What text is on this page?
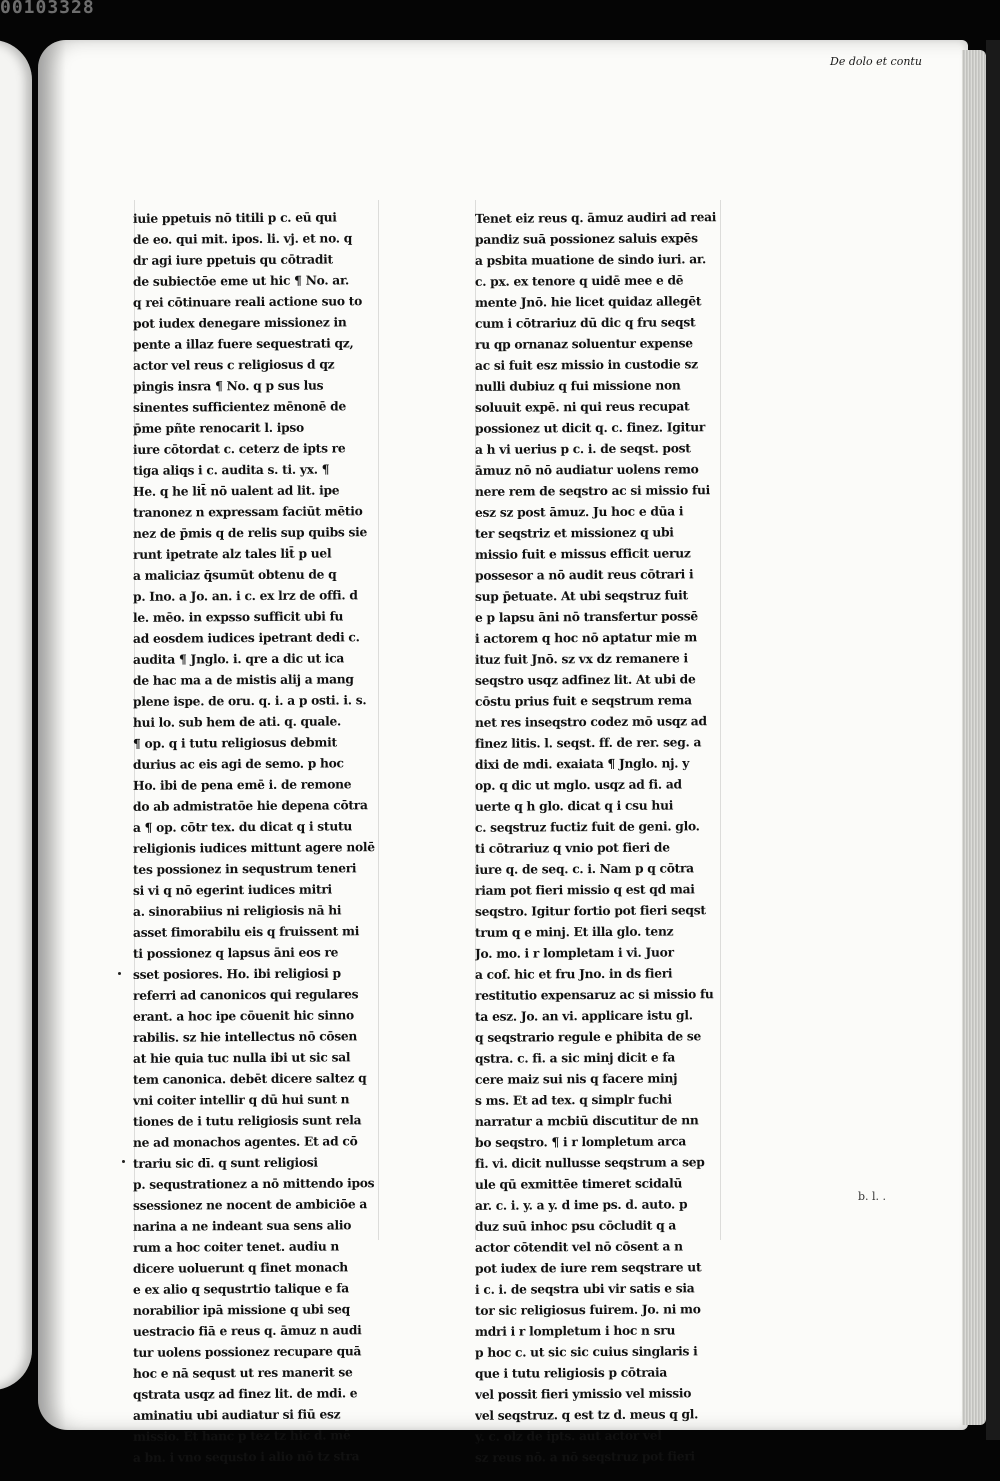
00103328
De dolo et contu
iuie ppetuis nō titili p c. eū qui
de eo. qui mit. ipos. li. vj. et no. q
dr agi iure ppetuis qu cōtradit
de subiectōe eme ut hic ¶ No. ar.
q rei cōtinuare reali actione suo to
pot iudex denegare missionez in
pente a illaz fuere sequestrati qz,
actor vel reus c religiosus d qz
pingis insra ¶ No. q p sus lus
sinentes sufficientez mēnonē de
p̄me pñte renocarit l. ipso
iure cōtordat c. ceterz de ipts re
tiga aliqs i c. audita s. ti. yx. ¶
He. q he lit̄ nō ualent ad lit. ipe
tranonez n expressam faciūt mētio
nez de p̄mis q de relis sup quibs sie
runt ipetrate alz tales lit̄ p uel
a maliciaz q̄sumūt obtenu de q
p. Ino. a Jo. an. i c. ex lrz de offi. d
le. mēo. in expsso sufficit ubi fu
ad eosdem iudices ipetrant dedi c.
audita ¶ Jnglo. i. qre a dic ut ica
de hac ma a de mistis alij a mang
plene ispe. de oru. q. i. a p osti. i. s.
hui lo. sub hem de ati. q. quale.
¶ op. q i tutu religiosus debmit
durius ac eis agi de semo. p hoc
Ho. ibi de pena emē i. de remone
do ab admistratōe hie depena cōtra
a ¶ op. cōtr tex. du dicat q i stutu
religionis iudices mittunt agere nolē
tes possionez in sequstrum teneri
si vi q nō egerint iudices mitri
a. sinorabiius ni religiosis nā hi
asset fimorabilu eis q fruissent mi
ti possionez q lapsus āni eos re
sset posiores. Ho. ibi religiosi p
referri ad canonicos qui regulares
erant. a hoc ipe cōuenit hic sinno
rabilis. sz hie intellectus nō cōsen
at hie quia tuc nulla ibi ut sic sal
tem canonica. debēt dicere saltez q
vni coiter intellir q dū hui sunt n
tiones de i tutu religiosis sunt rela
ne ad monachos agentes. Et ad cō
trariu sic dī. q sunt religiosi
p. sequstrationez a nō mittendo ipos
ssessionez ne nocent de ambiciōe a
narina a ne indeant sua sens alio
rum a hoc coiter tenet. audiu n
dicere uoluerunt q finet monach
e ex alio q sequstrtio talique e fa
norabilior ipā missione q ubi seq
uestracio fiā e reus q. āmuz n audi
tur uolens possionez recupare quā
hoc e nā sequst ut res manerit se
qstrata usqz ad finez lit. de mdi. e
aminatiu ubi audiatur si fiū esz
missio. Et hanc p tez tz hic d. mē
a bn. i vno sequsto i alio nō tz stra
Tenet eiz reus q. āmuz audiri ad reai
pandiz suā possionez saluis expēs
a psbita muatione de sindo iuri. ar.
c. px. ex tenore q uidē mee e dē
mente Jnō. hie licet quidaz allegēt
cum i cōtrariuz dū dic q fru seqst
ru qp ornanaz soluentur expense
ac si fuit esz missio in custodie sz
nulli dubiuz q fui missione non
soluuit expē. ni qui reus recupat
possionez ut dicit q. c. finez. Igitur
a h vi uerius p c. i. de seqst. post
āmuz nō nō audiatur uolens remo
nere rem de seqstro ac si missio fui
esz sz post āmuz. Ju hoc e dūa i
ter seqstriz et missionez q ubi
missio fuit e missus efficit ueruz
possesor a nō audit reus cōtrari i
sup p̄etuate. At ubi seqstruz fuit
e p lapsu āni nō transfertur possē
i actorem q hoc nō aptatur mie m
ituz fuit Jnō. sz vx dz remanere i
seqstro usqz adfinez lit. At ubi de
cōstu prius fuit e seqstrum rema
net res inseqstro codez mō usqz ad
finez litis. l. seqst. ff. de rer. seg. a
dixi de mdi. exaiata ¶ Jnglo. nj. y
op. q dic ut mglo. usqz ad fi. ad
uerte q h glo. dicat q i csu hui
c. seqstruz fuctiz fuit de geni. glo.
ti cōtrariuz q vnio pot fieri de
iure q. de seq. c. i. Nam p q cōtra
riam pot fieri missio q est qd mai
seqstro. Igitur fortio pot fieri seqst
trum q e minj. Et illa glo. tenz
Jo. mo. i r lompletam i vi. Juor
a cof. hic et fru Jno. in ds fieri
restitutio expensaruz ac si missio fu
ta esz. Jo. an vi. applicare istu gl.
q seqstrario regule e phibita de se
qstra. c. fi. a sic minj dicit e fa
cere maiz sui nis q facere minj
s ms. Et ad tex. q simplr fuchi
narratur a mcbiū discutitur de nn
bo seqstro. ¶ i r lompletum arca
fi. vi. dicit nullusse seqstrum a sep
ule qū exmittēe timeret scidalū
ar. c. i. y. a y. d ime ps. d. auto. p
duz suū inhoc psu cōcludit q a
actor cōtendit vel nō cōsent a n
pot iudex de iure rem seqstrare ut
i c. i. de seqstra ubi vir satis e sia
tor sic religiosus fuirem. Jo. ni mo
mdri i r lompletum i hoc n sru
p hoc c. ut sic sic cuius singlaris i
que i tutu religiosis p cōtraia
vel possit fieri ymissio vel missio
vel seqstruz. q est tz d. meus q gl.
y. c. olz de ipts. aut actor vel
sz reus nō. a nō seqstruz pot fieri
b. l. .
